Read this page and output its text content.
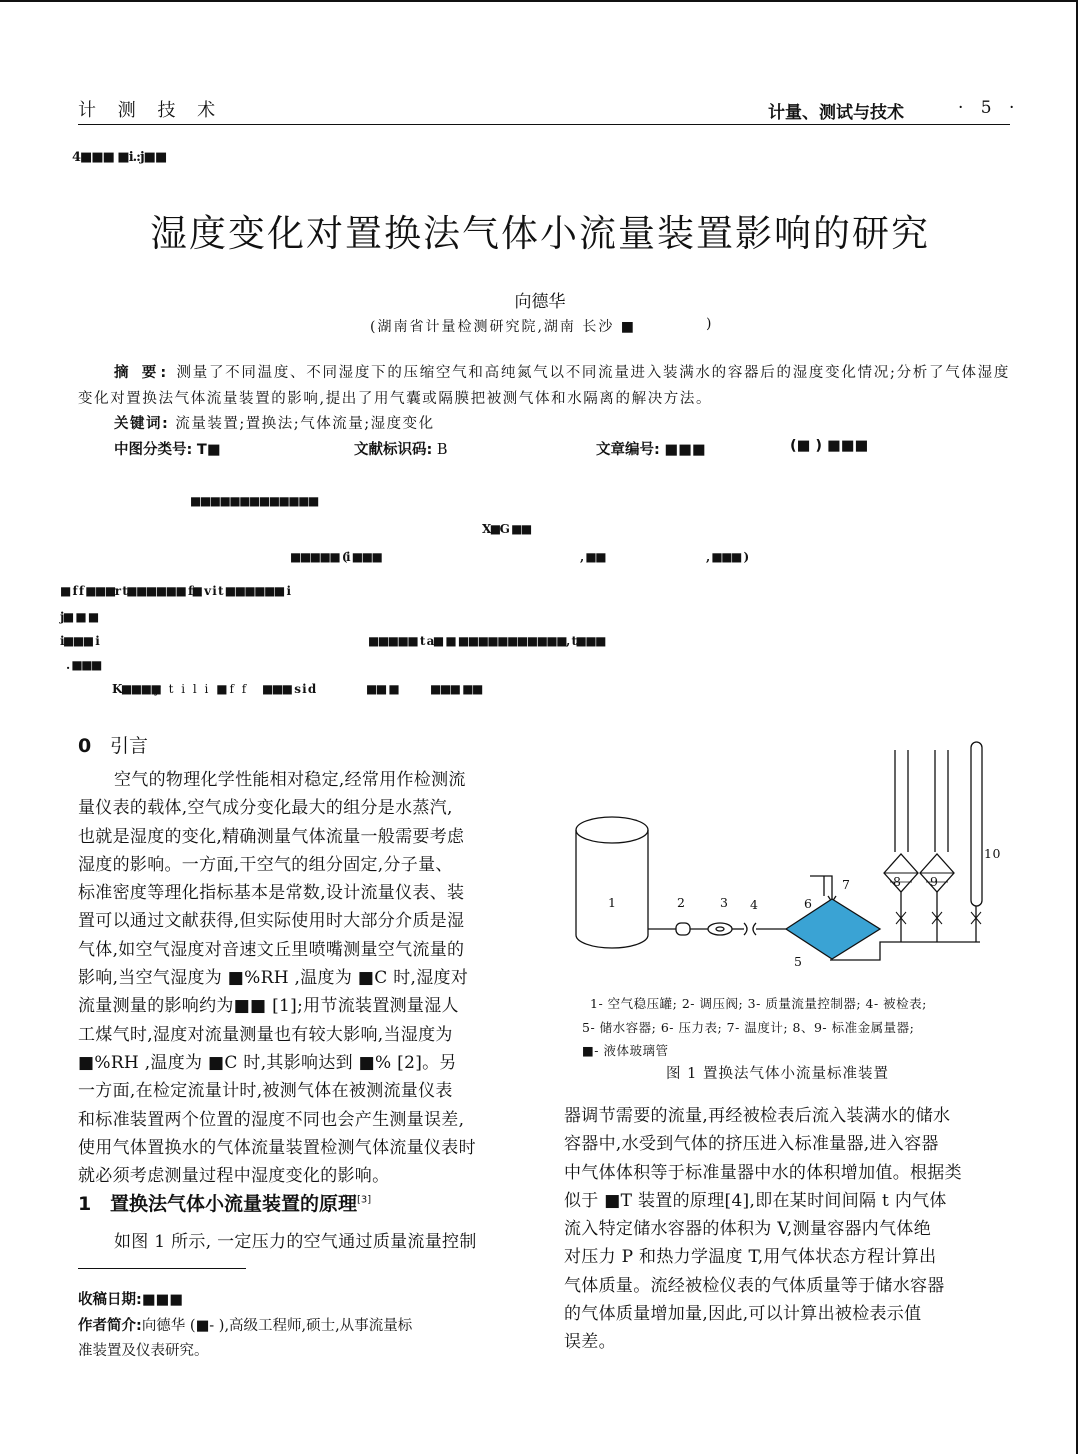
计 测 技 术	计量、测试与技术	· 5 ·
4■■■ ■i.:j■■
湿度变化对置换法气体小流量装置影响的研究
向德华
(湖南省计量检测研究院,湖南 长沙 ■	)
摘 要: 测量了不同温度、不同湿度下的压缩空气和高纯氮气以不同流量进入装满水的容器后的湿度变化情况;分析了气体湿度变化对置换法气体流量装置的影响,提出了用气囊或隔膜把被测气体和水隔离的解决方法。
关键词: 流量装置;置换法;气体流量;湿度变化
中图分类号: T■	文献标识码: B	文章编号: ■■■	(■ ) ■■■
■■■■■■■■■■■■■
X■G ■■
■■■■■ (i ■■■	, ■■	, ■■■ )
■ f f ■■■r t■■■■■■ f■ v i t ■■■■■■ i
j■ ■ ■
i■■■ i	■■■■■ t a■ ■ ■■■■■■■■■■■, t■■■
. ■■■
K■■■■
y t i l i ■f f ■■■ s i d	■■ ■	■■■ ■■
0 引言
空气的物理化学性能相对稳定,经常用作检测流
量仪表的载体,空气成分变化最大的组分是水蒸汽,
也就是湿度的变化,精确测量气体流量一般需要考虑
湿度的影响。一方面,干空气的组分固定,分子量、
标准密度等理化指标基本是常数,设计流量仪表、装
置可以通过文献获得,但实际使用时大部分介质是湿
气体,如空气湿度对音速文丘里喷嘴测量空气流量的
影响,当空气湿度为 ■%RH ,温度为 ■C 时,湿度对
流量测量的影响约为■■ [1];用节流装置测量湿人
工煤气时,湿度对流量测量也有较大影响,当湿度为
■%RH ,温度为 ■C 时,其影响达到 ■% [2]。另
一方面,在检定流量计时,被测气体在被测流量仪表
和标准装置两个位置的湿度不同也会产生测量误差,
使用气体置换水的气体流量装置检测气体流量仪表时
就必须考虑测量过程中湿度变化的影响。
1 置换法气体小流量装置的原理[3]
如图 1 所示, 一定压力的空气通过质量流量控制
收稿日期:■■■
作者简介:向德华 (■- ),高级工程师,硕士,从事流量标
准装置及仪表研究。
1	2	3 4
5
6
7	8 9
10
1- 空气稳压罐; 2- 调压阀; 3- 质量流量控制器; 4- 被检表;
5- 储水容器; 6- 压力表; 7- 温度计; 8、9- 标准金属量器;
■- 液体玻璃管
图 1 置换法气体小流量标准装置
器调节需要的流量,再经被检表后流入装满水的储水
容器中,水受到气体的挤压进入标准量器,进入容器
中气体体积等于标准量器中水的体积增加值。根据类
似于 ■T 装置的原理[4],即在某时间间隔 t 内气体
流入特定储水容器的体积为 V,测量容器内气体绝
对压力 P 和热力学温度 T,用气体状态方程计算出
气体质量。流经被检仪表的气体质量等于储水容器
的气体质量增加量,因此,可以计算出被检表示值
误差。
